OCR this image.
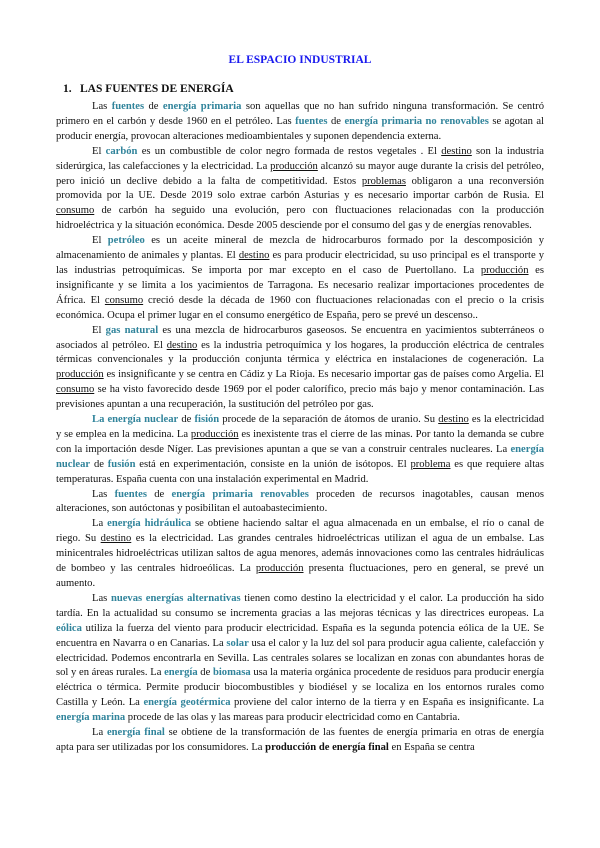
EL ESPACIO INDUSTRIAL
1. LAS FUENTES DE ENERGÍA

Las fuentes de energía primaria son aquellas que no han sufrido ninguna transformación. Se centró primero en el carbón y desde 1960 en el petróleo. Las fuentes de energía primaria no renovables se agotan al producir energía, provocan alteraciones medioambientales y suponen dependencia externa.

El carbón es un combustible de color negro formada de restos vegetales . El destino son la industria siderúrgica, las calefacciones y la electricidad. La producción alcanzó su mayor auge durante la crisis del petróleo, pero inició un declive debido a la falta de competitividad. Estos problemas obligaron a una reconversión promovida por la UE. Desde 2019 solo extrae carbón Asturias y es necesario importar carbón de Rusia. El consumo de carbón ha seguido una evolución, pero con fluctuaciones relacionadas con la producción hidroeléctrica y la situación económica. Desde 2005 desciende por el consumo del gas y de energías renovables.

El petróleo es un aceite mineral de mezcla de hidrocarburos formado por la descomposición y almacenamiento de animales y plantas. El destino es para producir electricidad, su uso principal es el transporte y las industrias petroquímicas. Se importa por mar excepto en el caso de Puertollano. La producción es insignificante y se limita a los yacimientos de Tarragona. Es necesario realizar importaciones procedentes de África. El consumo creció desde la década de 1960 con fluctuaciones relacionadas con el precio o la crisis económica. Ocupa el primer lugar en el consumo energético de España, pero se prevé un descenso..

El gas natural es una mezcla de hidrocarburos gaseosos. Se encuentra en yacimientos subterráneos o asociados al petróleo. El destino es la industria petroquímica y los hogares, la producción eléctrica de centrales térmicas convencionales y la producción conjunta térmica y eléctrica en instalaciones de cogeneración. La producción es insignificante y se centra en Cádiz y La Rioja. Es necesario importar gas de países como Argelia. El consumo se ha visto favorecido desde 1969 por el poder calorífico, precio más bajo y menor contaminación. Las previsiones apuntan a una recuperación, la sustitución del petróleo por gas.

La energía nuclear de fisión procede de la separación de átomos de uranio. Su destino es la electricidad y se emplea en la medicina. La producción es inexistente tras el cierre de las minas. Por tanto la demanda se cubre con la importación desde Níger. Las previsiones apuntan a que se van a construir centrales nucleares. La energía nuclear de fusión está en experimentación, consiste en la unión de isótopos. El problema es que requiere altas temperaturas. España cuenta con una instalación experimental en Madrid.

Las fuentes de energía primaria renovables proceden de recursos inagotables, causan menos alteraciones, son autóctonas y posibilitan el autoabastecimiento.

La energía hidráulica se obtiene haciendo saltar el agua almacenada en un embalse, el río o canal de riego. Su destino es la electricidad. Las grandes centrales hidroeléctricas utilizan el agua de un embalse. Las minicentrales hidroeléctricas utilizan saltos de agua menores, además innovaciones como las centrales hidráulicas de bombeo y las centrales hidroeólicas. La producción presenta fluctuaciones, pero en general, se prevé un aumento.

Las nuevas energías alternativas tienen como destino la electricidad y el calor. La producción ha sido tardía. En la actualidad su consumo se incrementa gracias a las mejoras técnicas y las directrices europeas. La eólica utiliza la fuerza del viento para producir electricidad. España es la segunda potencia eólica de la UE. Se encuentra en Navarra o en Canarias. La solar usa el calor y la luz del sol para producir agua caliente, calefacción y electricidad. Podemos encontrarla en Sevilla. Las centrales solares se localizan en zonas con abundantes horas de sol y en áreas rurales. La energía de biomasa usa la materia orgánica procedente de residuos para producir energía eléctrica o térmica. Permite producir biocombustibles y biodiésel y se localiza en los entornos rurales como Castilla y León. La energía geotérmica proviene del calor interno de la tierra y en España es insignificante. La energía marina procede de las olas y las mareas para producir electricidad como en Cantabria.

La energía final se obtiene de la transformación de las fuentes de energía primaria en otras de energía apta para ser utilizadas por los consumidores. La producción de energía final en España se centra
